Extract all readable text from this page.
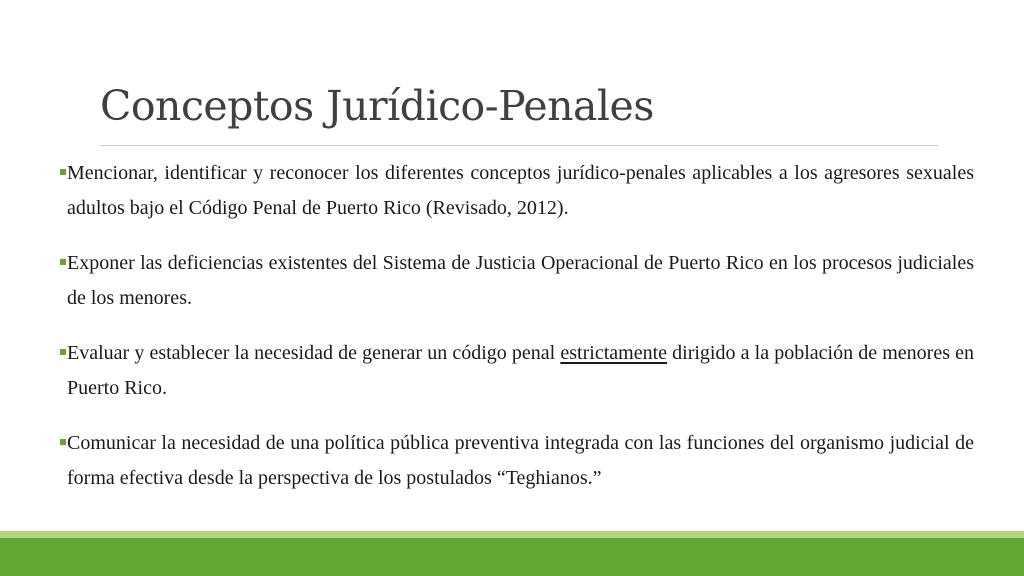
Conceptos Jurídico-Penales
Mencionar, identificar y reconocer los diferentes conceptos jurídico-penales aplicables a los agresores sexuales adultos bajo el Código Penal de Puerto Rico (Revisado, 2012).
Exponer las deficiencias existentes del Sistema de Justicia Operacional de Puerto Rico en los procesos judiciales de los menores.
Evaluar y establecer la necesidad de generar un código penal estrictamente dirigido a la población de menores en Puerto Rico.
Comunicar la necesidad de una política pública preventiva integrada con las funciones del organismo judicial de forma efectiva desde la perspectiva de los postulados “Teghianos.”
